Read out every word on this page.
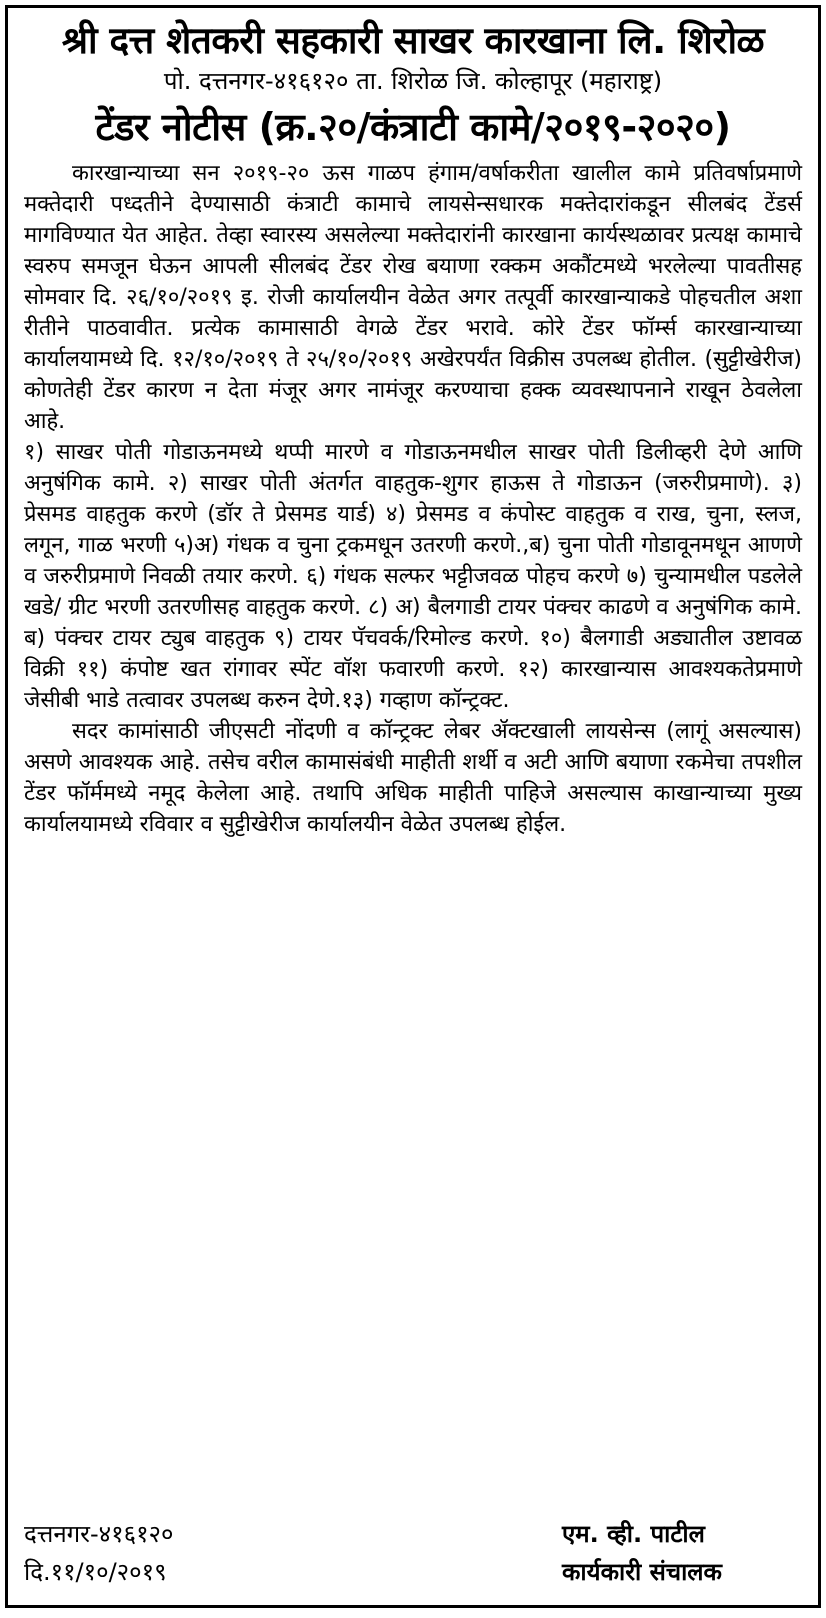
श्री दत्त शेतकरी सहकारी साखर कारखाना लि. शिरोळ

पो. दत्तनगर-४१६१२० ता. शिरोळ जि. कोल्हापूर (महाराष्ट्र)

टेंडर नोटीस (क्र.२०/कंत्राटी कामे/२०१९-२०२०)

कारखान्याच्या सन २०१९-२० ऊस गाळप हंगाम/वर्षाकरीता खालील कामे प्रतिवर्षाप्रमाणे मक्तेदारी पध्दतीने देण्यासाठी कंत्राटी कामाचे लायसेन्सधारक मक्तेदारांकडून सीलबंद टेंडर्स मागविण्यात येत आहेत. तेव्हा स्वारस्य असलेल्या मक्तेदारांनी कारखाना कार्यस्थळावर प्रत्यक्ष कामाचे स्वरुप समजून घेऊन आपली सीलबंद टेंडर रोख बयाणा रक्कम अकौंटमध्ये भरलेल्या पावतीसह सोमवार दि. २६/१०/२०१९ इ. रोजी कार्यालयीन वेळेत अगर तत्पूर्वी कारखान्याकडे पोहचतील अशा रीतीने पाठवावीत. प्रत्येक कामासाठी वेगळे टेंडर भरावे. कोरे टेंडर फॉर्म्स कारखान्याच्या कार्यालयामध्ये दि. १२/१०/२०१९ ते २५/१०/२०१९ अखेरपर्यंत विक्रीस उपलब्ध होतील. (सुट्टीखेरीज) कोणतेही टेंडर कारण न देता मंजूर अगर नामंजूर करण्याचा हक्क व्यवस्थापनाने राखून ठेवलेला आहे.

१) साखर पोती गोडाऊनमध्ये थप्पी मारणे व गोडाऊनमधील साखर पोती डिलीव्हरी देणे आणि अनुषंगिक कामे. २) साखर पोती अंतर्गत वाहतुक-शुगर हाऊस ते गोडाऊन (जरुरीप्रमाणे). ३) प्रेसमड वाहतुक करणे (डॉर ते प्रेसमड यार्ड) ४) प्रेसमड व कंपोस्ट वाहतुक व राख, चुना, स्लज, लगून, गाळ भरणी ५)अ) गंधक व चुना ट्रकमधून उतरणी करणे.,ब) चुना पोती गोडावूनमधून आणणे व जरुरीप्रमाणे निवळी तयार करणे. ६) गंधक सल्फर भट्टीजवळ पोहच करणे ७) चुन्यामधील पडलेले खडे/ ग्रीट भरणी उतरणीसह वाहतुक करणे. ८) अ) बैलगाडी टायर पंक्चर काढणे व अनुषंगिक कामे. ब) पंक्चर टायर ट्युब वाहतुक ९) टायर पॅचवर्क/रिमोल्ड करणे. १०) बैलगाडी अड्यातील उष्टावळ विक्री ११) कंपोष्ट खत रांगावर स्पेंट वॉश फवारणी करणे. १२) कारखान्यास आवश्यकतेप्रमाणे जेसीबी भाडे तत्वावर उपलब्ध करुन देणे.१३) गव्हाण कॉन्ट्रक्ट.

सदर कामांसाठी जीएसटी नोंदणी व कॉन्ट्रक्ट लेबर ॲक्टखाली लायसेन्स (लागूं असल्यास) असणे आवश्यक आहे. तसेच वरील कामासंबंधी माहीती शर्थी व अटी आणि बयाणा रकमेचा तपशील टेंडर फॉर्ममध्ये नमूद केलेला आहे. तथापि अधिक माहीती पाहिजे असल्यास काखान्याच्या मुख्य कार्यालयामध्ये रविवार व सुट्टीखेरीज कार्यालयीन वेळेत उपलब्ध होईल.

दत्तनगर-४१६१२०
दि.११/१०/२०१९
एम. व्ही. पाटील
कार्यकारी संचालक
